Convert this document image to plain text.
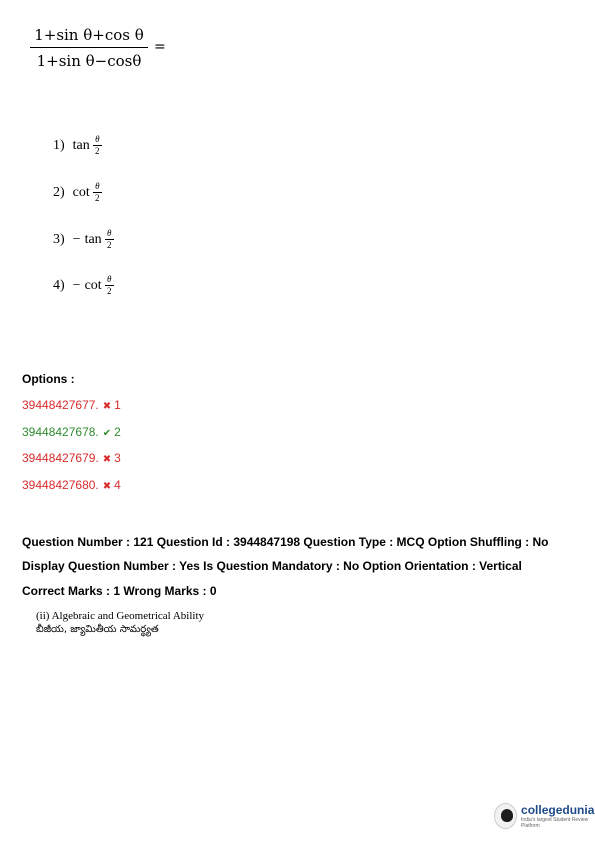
1+sin θ+cos θ
1+sin θ−cosθ
=
1) tan θ
2
2) cot θ
2
3) − tan θ
2
4) − cot θ
2
Options :
39448427677. ✖ 1
39448427678. ✔ 2
39448427679. ✖ 3
39448427680. ✖ 4
Question Number : 121 Question Id : 3944847198 Question Type : MCQ Option Shuffling : No
Display Question Number : Yes Is Question Mandatory : No Option Orientation : Vertical
Correct Marks : 1 Wrong Marks : 0
(ii) Algebraic and Geometrical Ability
బీజీయ, జ్యామితీయ సామర్థ్యత
collegedunia
India's largest Student Review Platform
